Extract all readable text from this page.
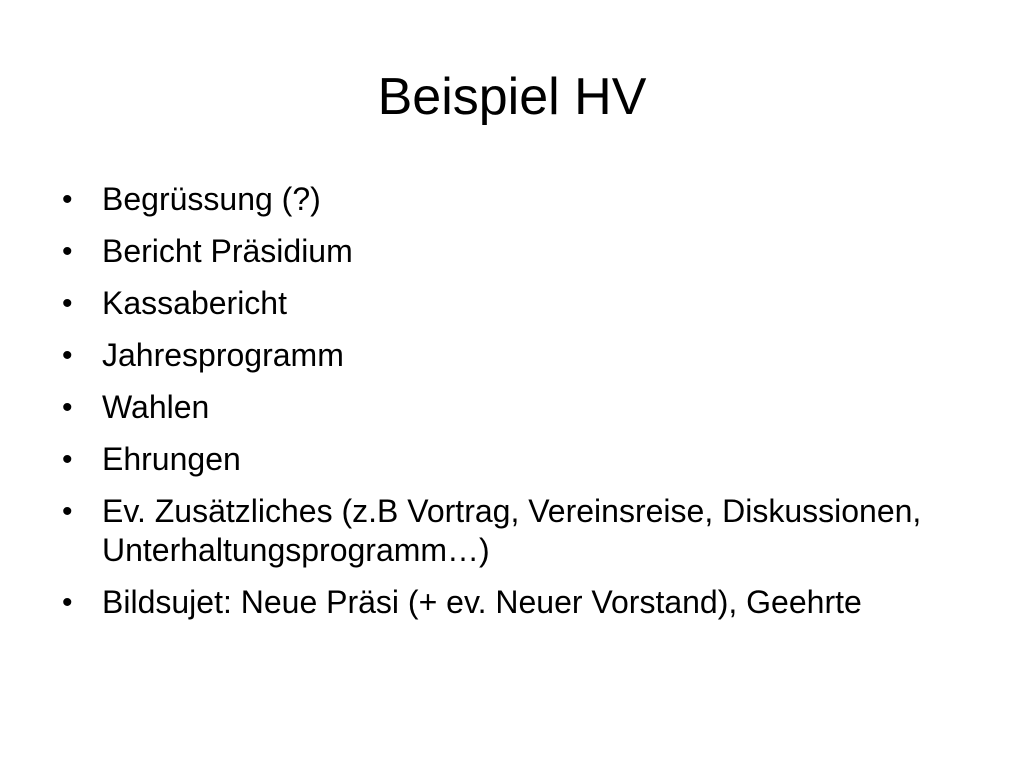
Beispiel HV
• Begrüssung (?)
• Bericht Präsidium
• Kassabericht
• Jahresprogramm
• Wahlen
• Ehrungen
• Ev. Zusätzliches (z.B Vortrag, Vereinsreise, Diskussionen, Unterhaltungsprogramm…)
• Bildsujet: Neue Präsi (+ ev. Neuer Vorstand), Geehrte
